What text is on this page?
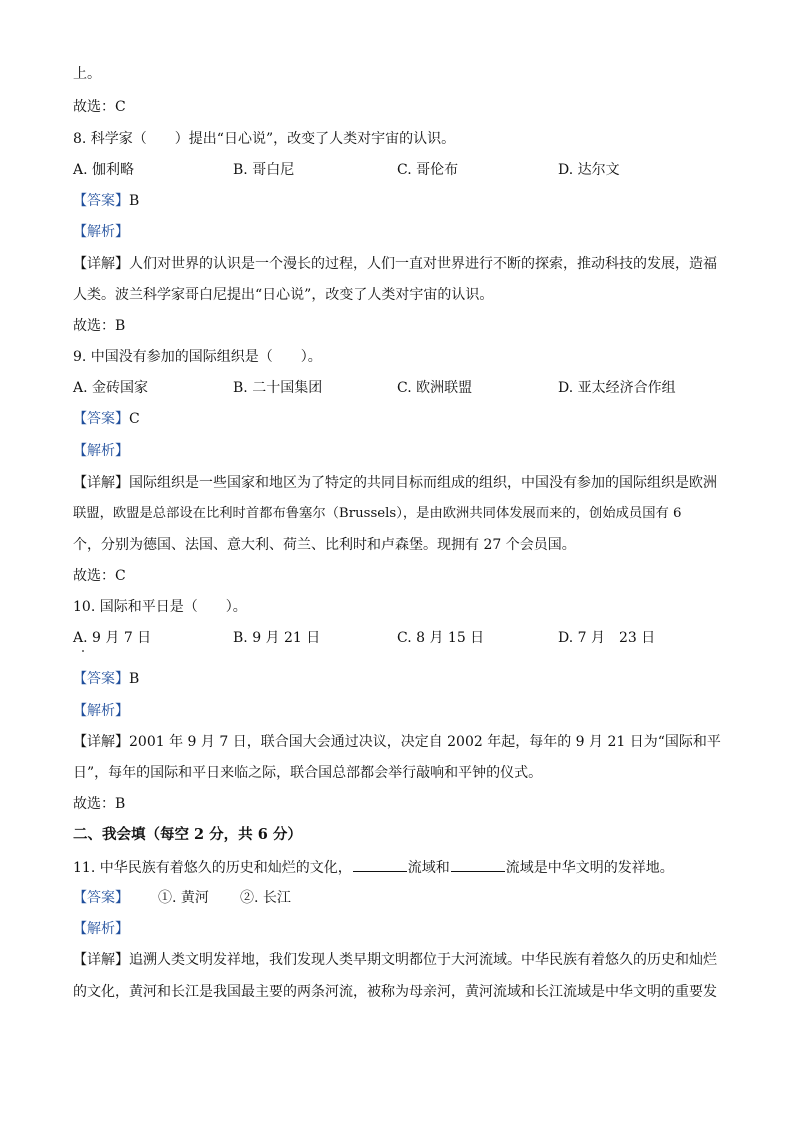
上。

故选：C

8. 科学家（　　）提出“日心说”，改变了人类对宇宙的认识。

A. 伽利略	B. 哥白尼	C. 哥伦布	D. 达尔文

【答案】B

【解析】

【详解】人们对世界的认识是一个漫长的过程，人们一直对世界进行不断的探索，推动科技的发展，造福

人类。波兰科学家哥白尼提出“日心说”，改变了人类对宇宙的认识。

故选：B

9. 中国没有参加的国际组织是（　　）。

A. 金砖国家	B. 二十国集团	C. 欧洲联盟	D. 亚太经济合作组

【答案】C

【解析】

【详解】国际组织是一些国家和地区为了特定的共同目标而组成的组织，中国没有参加的国际组织是欧洲

联盟，欧盟是总部设在比利时首都布鲁塞尔（Brussels），是由欧洲共同体发展而来的，创始成员国有 6

个，分别为德国、法国、意大利、荷兰、比利时和卢森堡。现拥有 27 个会员国。

故选：C

10. 国际和平日是（　　）。

A. 9 月 7 日	B. 9 月 21 日	C. 8 月 15 日	D. 7 月　23 日

【答案】B

【解析】

【详解】2001 年 9 月 7 日，联合国大会通过决议，决定自 2002 年起，每年的 9 月 21 日为“国际和平

日”，每年的国际和平日来临之际，联合国总部都会举行敲响和平钟的仪式。

故选：B

二、我会填（每空 2 分，共 6 分）

11. 中华民族有着悠久的历史和灿烂的文化，	流域和	流域是中华文明的发祥地。

【答案】 ①. 黄河 ②. 长江

【解析】

【详解】追溯人类文明发祥地，我们发现人类早期文明都位于大河流域。中华民族有着悠久的历史和灿烂

的文化，黄河和长江是我国最主要的两条河流，被称为母亲河，黄河流域和长江流域是中华文明的重要发
